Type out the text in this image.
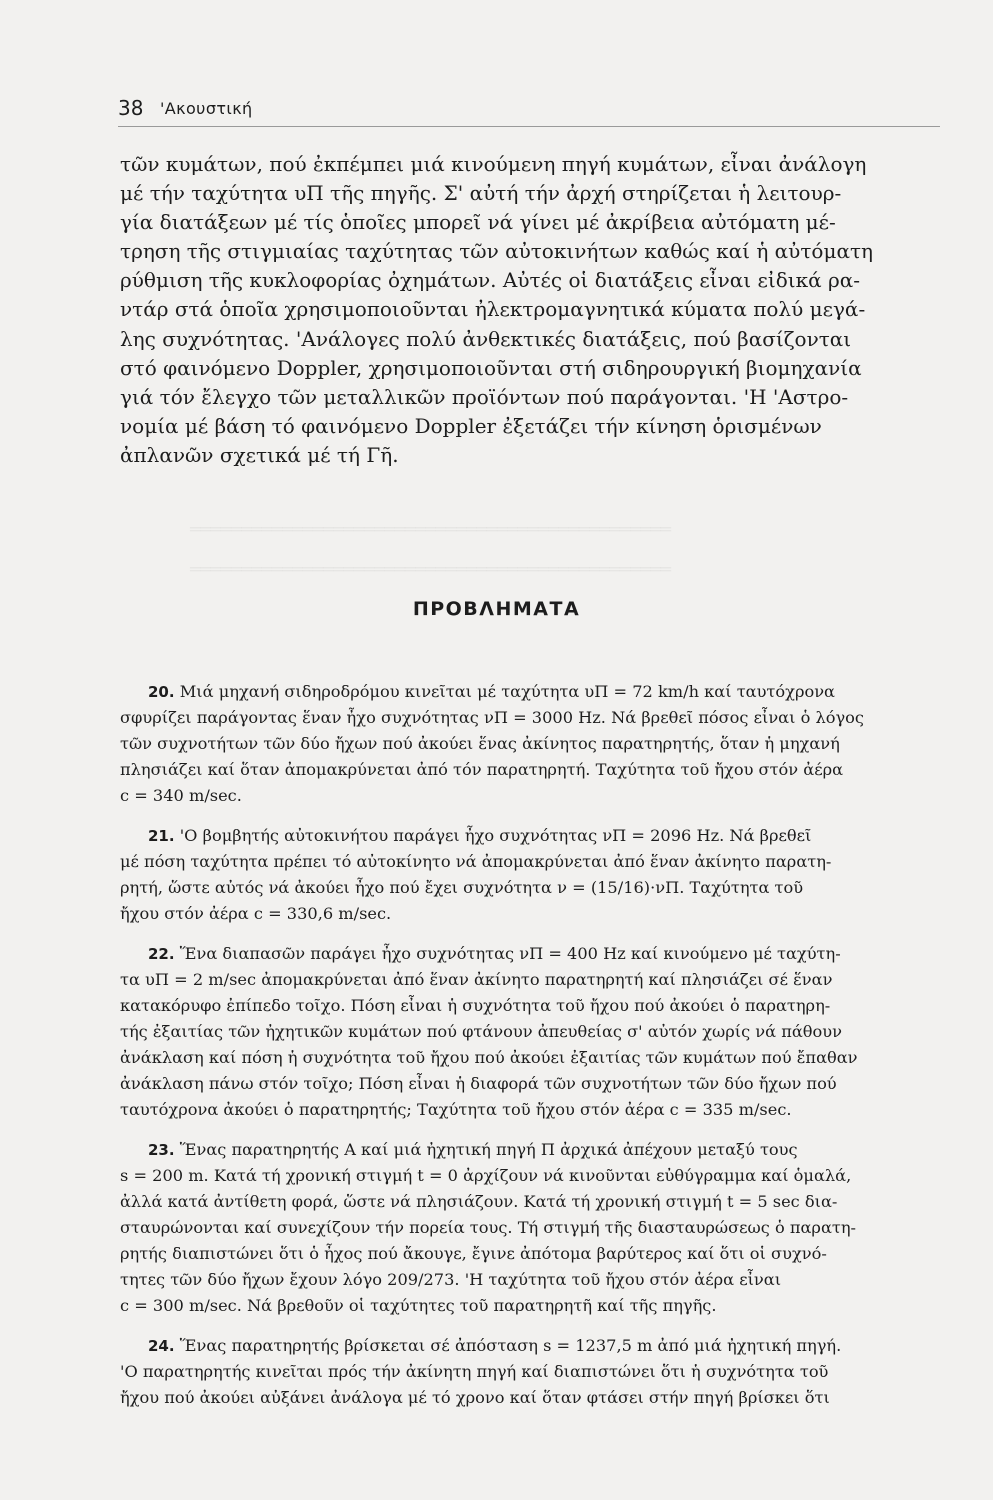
38 'Ακουστική
τῶν κυμάτων, πού ἐκπέμπει μιά κινούμενη πηγή κυμάτων, εἶναι ἀνάλογη
μέ τήν ταχύτητα υΠ τῆς πηγῆς. Σ' αὐτή τήν ἀρχή στηρίζεται ἡ λειτουρ-
γία διατάξεων μέ τίς ὁποῖες μπορεῖ νά γίνει μέ ἀκρίβεια αὐτόματη μέ-
τρηση τῆς στιγμιαίας ταχύτητας τῶν αὐτοκινήτων καθώς καί ἡ αὐτόματη
ρύθμιση τῆς κυκλοφορίας ὀχημάτων. Αὐτές οἱ διατάξεις εἶναι εἰδικά ρα-
ντάρ στά ὁποῖα χρησιμοποιοῦνται ἠλεκτρομαγνητικά κύματα πολύ μεγά-
λης συχνότητας. 'Ανάλογες πολύ ἀνθεκτικές διατάξεις, πού βασίζονται
στό φαινόμενο Doppler, χρησιμοποιοῦνται στή σιδηρουργική βιομηχανία
γιά τόν ἔλεγχο τῶν μεταλλικῶν προϊόντων πού παράγονται. 'Η 'Αστρο-
νομία μέ βάση τό φαινόμενο Doppler ἐξετάζει τήν κίνηση ὁρισμένων
ἀπλανῶν σχετικά μέ τή Γῆ.
ΠΡΟΒΛΗΜΑΤΑ
20. Μιά μηχανή σιδηροδρόμου κινεῖται μέ ταχύτητα υΠ = 72 km/h καί ταυτόχρονα
σφυρίζει παράγοντας ἕναν ἦχο συχνότητας νΠ = 3000 Hz. Νά βρεθεῖ πόσος εἶναι ὁ λόγος
τῶν συχνοτήτων τῶν δύο ἤχων πού ἀκούει ἕνας ἀκίνητος παρατηρητής, ὅταν ἡ μηχανή
πλησιάζει καί ὅταν ἀπομακρύνεται ἀπό τόν παρατηρητή. Ταχύτητα τοῦ ἤχου στόν ἀέρα
c = 340 m/sec.
21. 'Ο βομβητής αὐτοκινήτου παράγει ἦχο συχνότητας νΠ = 2096 Hz. Νά βρεθεῖ
μέ πόση ταχύτητα πρέπει τό αὐτοκίνητο νά ἀπομακρύνεται ἀπό ἕναν ἀκίνητο παρατη-
ρητή, ὥστε αὐτός νά ἀκούει ἦχο πού ἔχει συχνότητα ν = (15/16)·νΠ. Ταχύτητα τοῦ
ἤχου στόν ἀέρα c = 330,6 m/sec.
22. Ἕνα διαπασῶν παράγει ἦχο συχνότητας νΠ = 400 Hz καί κινούμενο μέ ταχύτη-
τα υΠ = 2 m/sec ἀπομακρύνεται ἀπό ἕναν ἀκίνητο παρατηρητή καί πλησιάζει σέ ἕναν
κατακόρυφο ἐπίπεδο τοῖχο. Πόση εἶναι ἡ συχνότητα τοῦ ἤχου πού ἀκούει ὁ παρατηρη-
τής ἐξαιτίας τῶν ἠχητικῶν κυμάτων πού φτάνουν ἀπευθείας σ' αὐτόν χωρίς νά πάθουν
ἀνάκλαση καί πόση ἡ συχνότητα τοῦ ἤχου πού ἀκούει ἐξαιτίας τῶν κυμάτων πού ἔπαθαν
ἀνάκλαση πάνω στόν τοῖχο; Πόση εἶναι ἡ διαφορά τῶν συχνοτήτων τῶν δύο ἤχων πού
ταυτόχρονα ἀκούει ὁ παρατηρητής; Ταχύτητα τοῦ ἤχου στόν ἀέρα c = 335 m/sec.
23. Ἕνας παρατηρητής Α καί μιά ἠχητική πηγή Π ἀρχικά ἀπέχουν μεταξύ τους
s = 200 m. Κατά τή χρονική στιγμή t = 0 ἀρχίζουν νά κινοῦνται εὐθύγραμμα καί ὁμαλά,
ἀλλά κατά ἀντίθετη φορά, ὥστε νά πλησιάζουν. Κατά τή χρονική στιγμή t = 5 sec δια-
σταυρώνονται καί συνεχίζουν τήν πορεία τους. Τή στιγμή τῆς διασταυρώσεως ὁ παρατη-
ρητής διαπιστώνει ὅτι ὁ ἦχος πού ἄκουγε, ἔγινε ἀπότομα βαρύτερος καί ὅτι οἱ συχνό-
τητες τῶν δύο ἤχων ἔχουν λόγο 209/273. 'Η ταχύτητα τοῦ ἤχου στόν ἀέρα εἶναι
c = 300 m/sec. Νά βρεθοῦν οἱ ταχύτητες τοῦ παρατηρητῆ καί τῆς πηγῆς.
24. Ἕνας παρατηρητής βρίσκεται σέ ἀπόσταση s = 1237,5 m ἀπό μιά ἠχητική πηγή.
'Ο παρατηρητής κινεῖται πρός τήν ἀκίνητη πηγή καί διαπιστώνει ὅτι ἡ συχνότητα τοῦ
ἤχου πού ἀκούει αὐξάνει ἀνάλογα μέ τό χρονο καί ὅταν φτάσει στήν πηγή βρίσκει ὅτι
